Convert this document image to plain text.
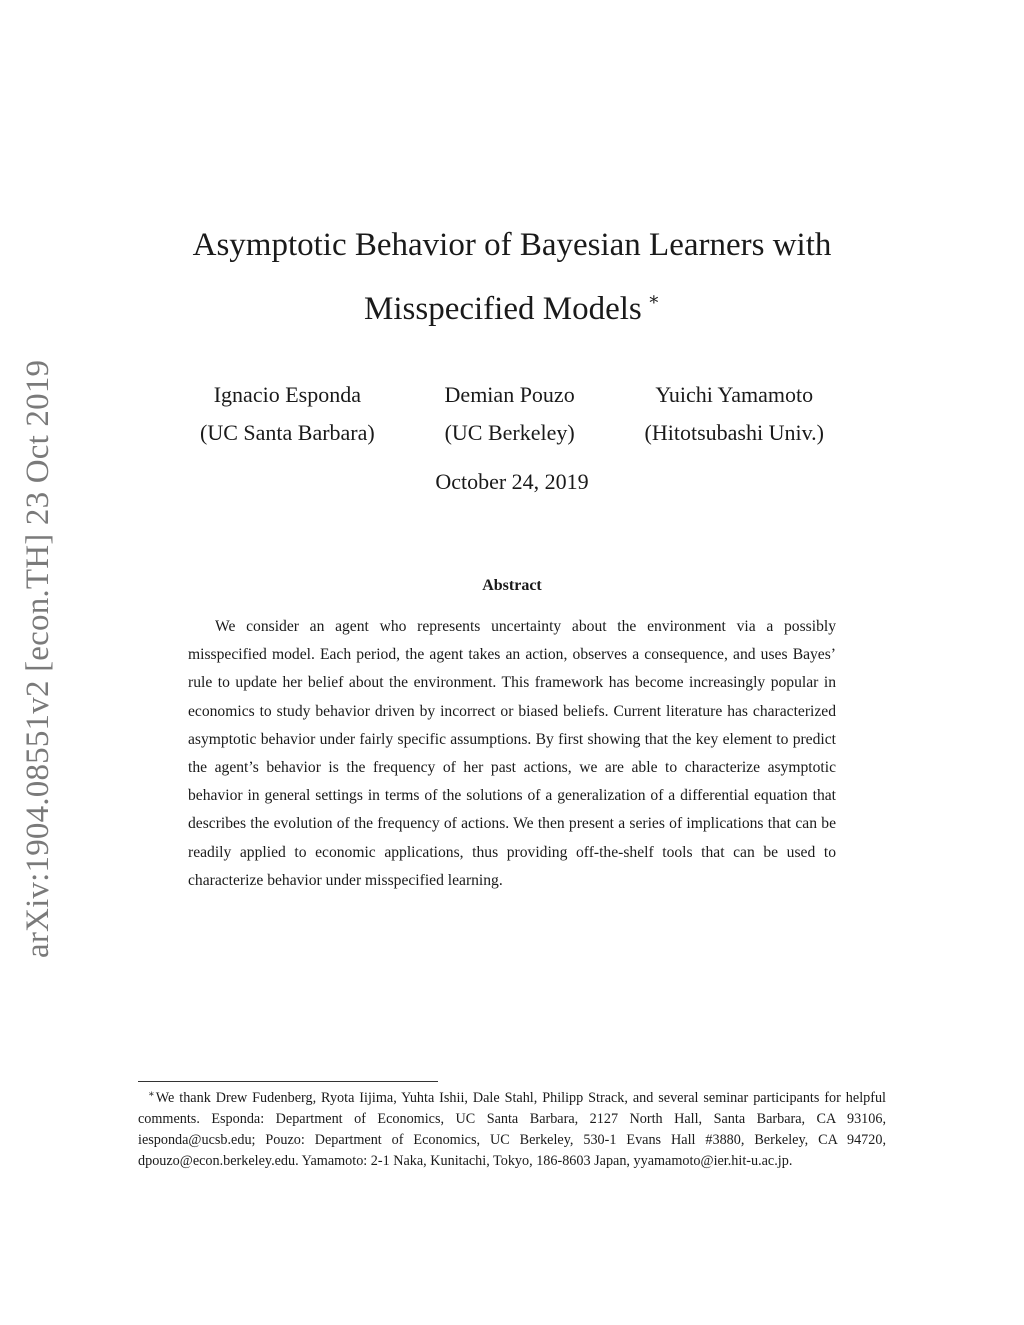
arXiv:1904.08551v2 [econ.TH] 23 Oct 2019
Asymptotic Behavior of Bayesian Learners with
Misspecified Models ∗
Ignacio Esponda
(UC Santa Barbara)
Demian Pouzo
(UC Berkeley)
Yuichi Yamamoto
(Hitotsubashi Univ.)
October 24, 2019
Abstract
We consider an agent who represents uncertainty about the environment via a possibly misspecified model. Each period, the agent takes an action, observes a consequence, and uses Bayes’ rule to update her belief about the environment. This framework has become increasingly popular in economics to study behavior driven by incorrect or biased beliefs. Current literature has characterized asymptotic behavior under fairly specific assumptions. By first showing that the key element to predict the agent’s behavior is the frequency of her past actions, we are able to characterize asymptotic behavior in general settings in terms of the solutions of a generalization of a differential equation that describes the evolution of the frequency of actions. We then present a series of implications that can be readily applied to economic applications, thus providing off-the-shelf tools that can be used to characterize behavior under misspecified learning.
∗We thank Drew Fudenberg, Ryota Iijima, Yuhta Ishii, Dale Stahl, Philipp Strack, and several seminar participants for helpful comments. Esponda: Department of Economics, UC Santa Barbara, 2127 North Hall, Santa Barbara, CA 93106, iesponda@ucsb.edu; Pouzo: Department of Economics, UC Berkeley, 530-1 Evans Hall #3880, Berkeley, CA 94720, dpouzo@econ.berkeley.edu. Yamamoto: 2-1 Naka, Kunitachi, Tokyo, 186-8603 Japan, yyamamoto@ier.hit-u.ac.jp.
